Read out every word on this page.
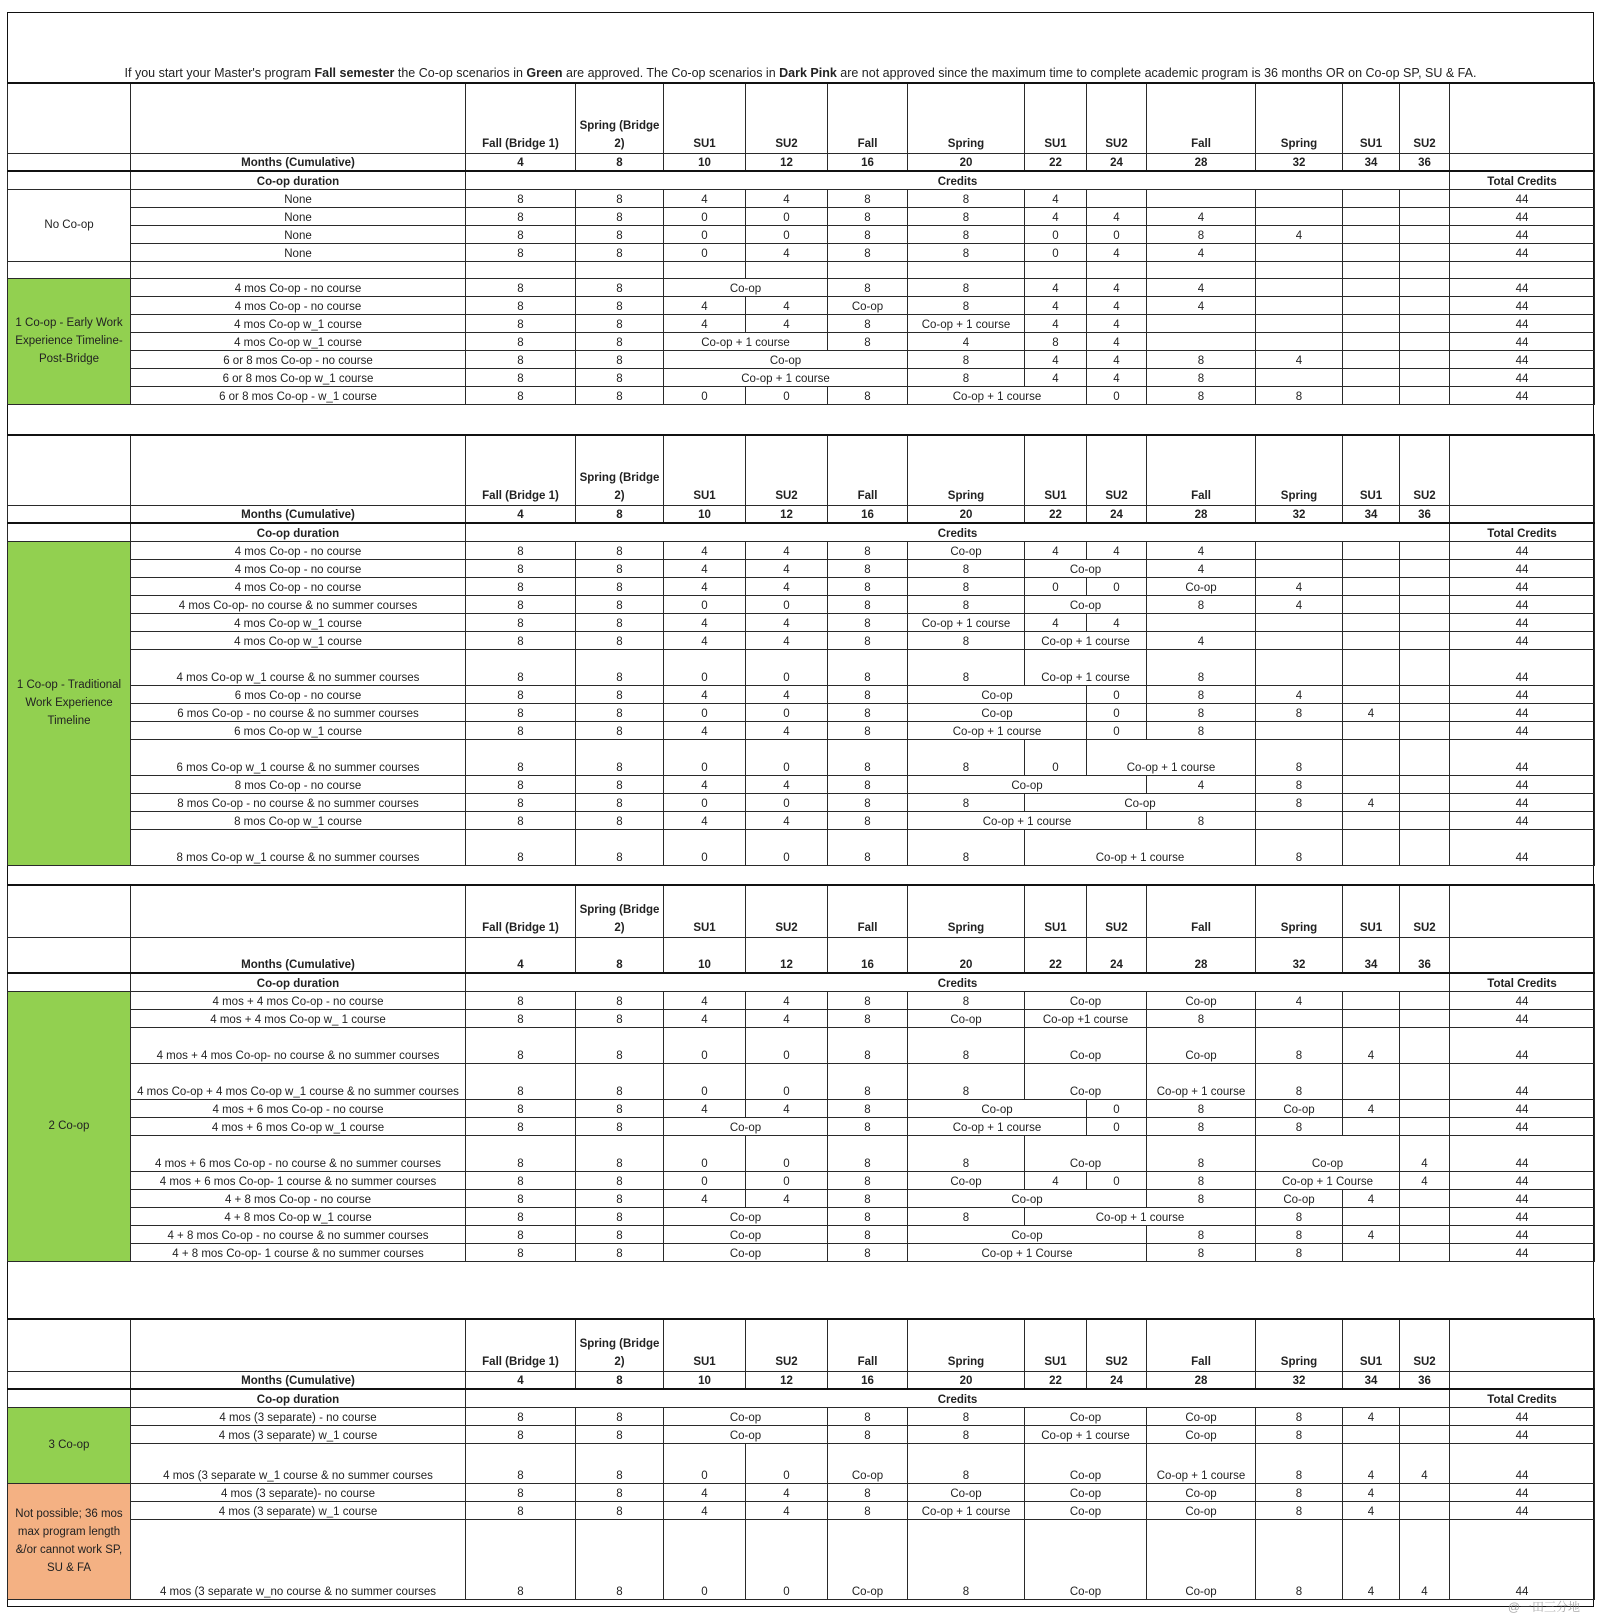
If you start your Master's program Fall semester the Co-op scenarios in Green are approved. The Co-op scenarios in Dark Pink are not approved since the maximum time to complete academic program is 36 months OR on Co-op SP, SU & FA.
		Fall (Bridge 1)	Spring (Bridge 2)	SU1	SU2	Fall	Spring	SU1	SU2	Fall	Spring	SU1	SU2	
	Months (Cumulative)	4	8	10	12	16	20	22	24	28	32	34	36	
	Co-op duration	Credits												Total Credits
No Co-op	None	8	8	4	4	8	8	4						44
	None	8	8	0	0	8	8	4	4	4				44
	None	8	8	0	0	8	8	0	0	8	4			44
	None	8	8	0	4	8	8	0	4	4				44

1 Co-op - Early Work Experience Timeline-Post-Bridge	4 mos Co-op - no course	8	8	Co-op		8	8	4	4	4				44
	4 mos Co-op - no course	8	8	4	4	Co-op	8	4	4	4				44
	4 mos Co-op w_1 course	8	8	4	4	8	Co-op + 1 course	4	4					44
	4 mos Co-op w_1 course	8	8	Co-op + 1 course		8	4	8	4					44
	6 or 8 mos Co-op - no course	8	8	Co-op			8	4	4	8	4			44
	6 or 8 mos Co-op w_1 course	8	8	Co-op + 1 course			8	4	4	8				44
	6 or 8 mos Co-op - w_1 course	8	8	0	0	8	Co-op + 1 course		0	8	8			44
		Fall (Bridge 1)	Spring (Bridge 2)	SU1	SU2	Fall	Spring	SU1	SU2	Fall	Spring	SU1	SU2	
	Months (Cumulative)	4	8	10	12	16	20	22	24	28	32	34	36	
	Co-op duration	Credits												Total Credits
1 Co-op - Traditional Work Experience Timeline	4 mos Co-op - no course	8	8	4	4	8	Co-op	4	4	4				44
	4 mos Co-op - no course	8	8	4	4	8	8	Co-op		4				44
	4 mos Co-op - no course	8	8	4	4	8	8	0	0	Co-op	4			44
	4 mos Co-op- no course & no summer courses	8	8	0	0	8	8	Co-op		8	4			44
	4 mos Co-op w_1 course	8	8	4	4	8	Co-op + 1 course	4	4					44
	4 mos Co-op w_1 course	8	8	4	4	8	8	Co-op + 1 course		4				44
	4 mos Co-op w_1 course & no summer courses	8	8	0	0	8	8	Co-op + 1 course		8				44
	6 mos Co-op - no course	8	8	4	4	8	Co-op		0	8	4			44
	6 mos Co-op - no course & no summer courses	8	8	0	0	8	Co-op		0	8	8	4		44
	6 mos Co-op w_1 course	8	8	4	4	8	Co-op + 1 course		0	8				44
	6 mos Co-op w_1 course & no summer courses	8	8	0	0	8	8	0	Co-op + 1 course		8			44
	8 mos Co-op - no course	8	8	4	4	8	Co-op			4	8			44
	8 mos Co-op - no course & no summer courses	8	8	0	0	8	8	Co-op			8	4		44
	8 mos Co-op w_1 course	8	8	4	4	8	Co-op + 1 course			8				44
	8 mos Co-op w_1 course & no summer courses	8	8	0	0	8	8	Co-op + 1 course			8			44
		Fall (Bridge 1)	Spring (Bridge 2)	SU1	SU2	Fall	Spring	SU1	SU2	Fall	Spring	SU1	SU2	
	Months (Cumulative)	4	8	10	12	16	20	22	24	28	32	34	36	
	Co-op duration	Credits												Total Credits
2 Co-op	4 mos + 4 mos Co-op - no course	8	8	4	4	8	8	Co-op		Co-op	4			44
	4 mos + 4 mos Co-op w_ 1 course	8	8	4	4	8	Co-op	Co-op +1 course		8				44
	4 mos + 4 mos Co-op- no course & no summer courses	8	8	0	0	8	8	Co-op		Co-op	8	4		44
	4 mos Co-op + 4 mos Co-op w_1 course & no summer courses	8	8	0	0	8	8	Co-op		Co-op + 1 course	8			44
	4 mos + 6 mos Co-op - no course	8	8	4	4	8	Co-op		0	8	Co-op	4		44
	4 mos + 6 mos Co-op w_1 course	8	8	Co-op		8	Co-op + 1 course		0	8	8			44
	4 mos + 6 mos Co-op - no course & no summer courses	8	8	0	0	8	8	Co-op		8	Co-op		4	44
	4 mos + 6 mos Co-op- 1 course & no summer courses	8	8	0	0	8	Co-op	4	0	8	Co-op + 1 Course		4	44
	4 + 8 mos Co-op - no course	8	8	4	4	8	Co-op			8	Co-op	4		44
	4 + 8 mos Co-op w_1 course	8	8	Co-op		8	8	Co-op + 1 course			8			44
	4 + 8 mos Co-op - no course & no summer courses	8	8	Co-op		8	Co-op			8	8	4		44
	4 + 8 mos Co-op- 1 course & no summer courses	8	8	Co-op		8	Co-op + 1 Course			8	8			44
		Fall (Bridge 1)	Spring (Bridge 2)	SU1	SU2	Fall	Spring	SU1	SU2	Fall	Spring	SU1	SU2	
	Months (Cumulative)	4	8	10	12	16	20	22	24	28	32	34	36	
	Co-op duration	Credits												Total Credits
3 Co-op	4 mos (3 separate) - no course	8	8	Co-op		8	8	Co-op		Co-op	8	4		44
	4 mos (3 separate) w_1 course	8	8	Co-op		8	8	Co-op + 1 course		Co-op	8			44
	4 mos (3 separate w_1 course & no summer courses	8	8	0	0	Co-op	8	Co-op		Co-op + 1 course	8	4	4	44
Not possible; 36 mos max program length &/or cannot work SP, SU & FA	4 mos (3 separate)- no course	8	8	4	4	8	Co-op	Co-op		Co-op	8	4		44
	4 mos (3 separate) w_1 course	8	8	4	4	8	Co-op + 1 course	Co-op		Co-op	8	4		44
	4 mos (3 separate w_no course & no summer courses	8	8	0	0	Co-op	8	Co-op		Co-op	8	4	4	44
@一田三分地
